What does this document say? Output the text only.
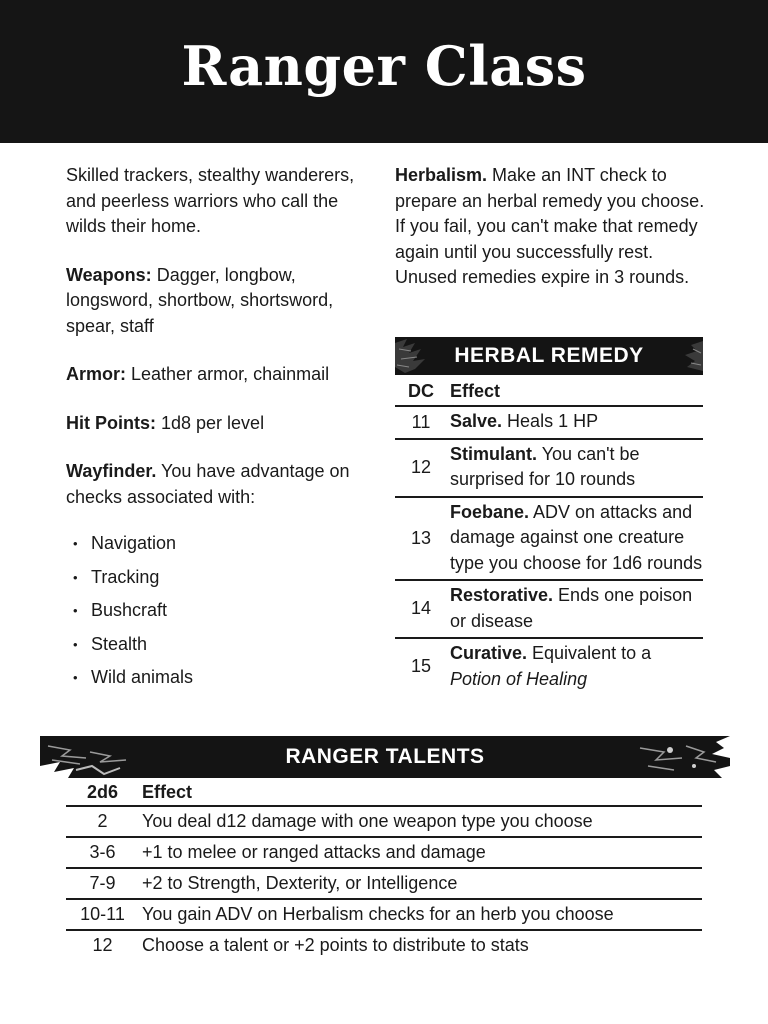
Ranger Class

Skilled trackers, stealthy wanderers, and peerless warriors who call the wilds their home.

Weapons: Dagger, longbow, longsword, shortbow, shortsword, spear, staff

Armor: Leather armor, chainmail

Hit Points: 1d8 per level

Wayfinder. You have advantage on checks associated with:

• Navigation
• Tracking
• Bushcraft
• Stealth
• Wild animals

Herbalism. Make an INT check to prepare an herbal remedy you choose. If you fail, you can't make that remedy again until you successfully rest. Unused remedies expire in 3 rounds.

HERBAL REMEDY
DC	Effect
11	Salve. Heals 1 HP
12	Stimulant. You can't be surprised for 10 rounds
13	Foebane. ADV on attacks and damage against one creature type you choose for 1d6 rounds
14	Restorative. Ends one poison or disease
15	Curative. Equivalent to a Potion of Healing
RANGER TALENTS
2d6	Effect
2	You deal d12 damage with one weapon type you choose
3-6	+1 to melee or ranged attacks and damage
7-9	+2 to Strength, Dexterity, or Intelligence
10-11	You gain ADV on Herbalism checks for an herb you choose
12	Choose a talent or +2 points to distribute to stats
